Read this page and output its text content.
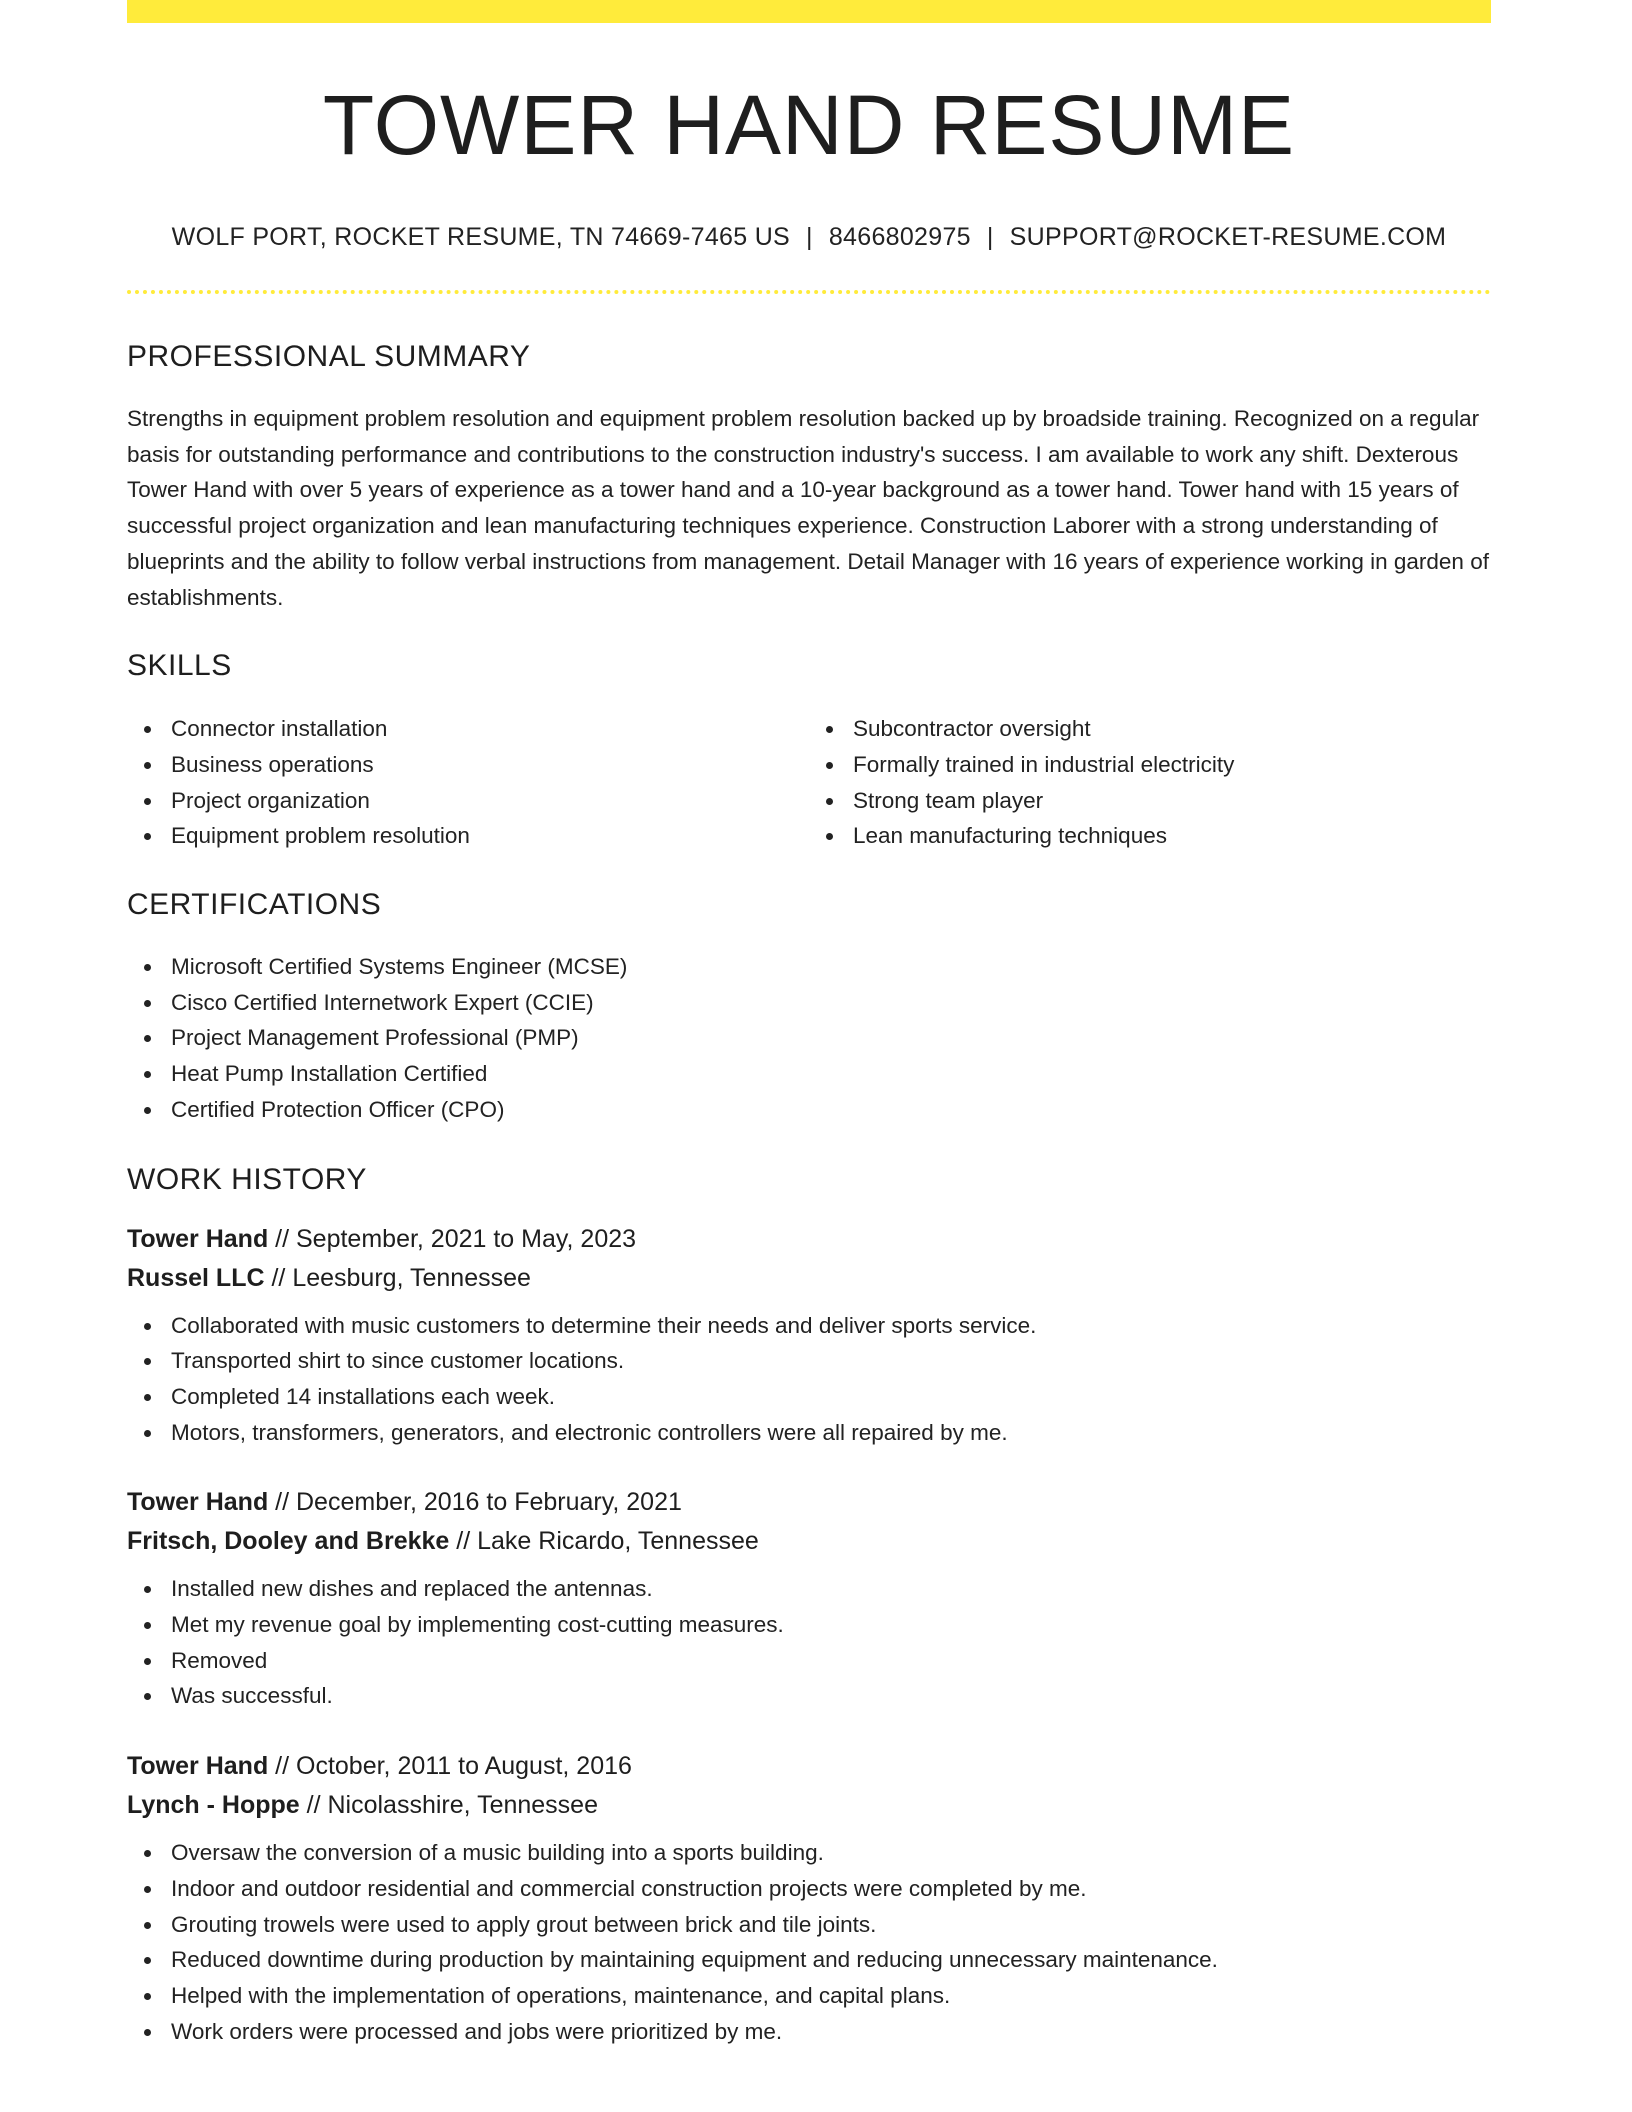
TOWER HAND RESUME
WOLF PORT, ROCKET RESUME, TN 74669-7465 US | 8466802975 | SUPPORT@ROCKET-RESUME.COM
PROFESSIONAL SUMMARY

Strengths in equipment problem resolution and equipment problem resolution backed up by broadside training. Recognized on a regular basis for outstanding performance and contributions to the construction industry's success. I am available to work any shift. Dexterous Tower Hand with over 5 years of experience as a tower hand and a 10-year background as a tower hand. Tower hand with 15 years of successful project organization and lean manufacturing techniques experience. Construction Laborer with a strong understanding of blueprints and the ability to follow verbal instructions from management. Detail Manager with 16 years of experience working in garden of establishments.

SKILLS
Connector installation
Business operations
Project organization
Equipment problem resolution
Subcontractor oversight
Formally trained in industrial electricity
Strong team player
Lean manufacturing techniques
CERTIFICATIONS
Microsoft Certified Systems Engineer (MCSE)
Cisco Certified Internetwork Expert (CCIE)
Project Management Professional (PMP)
Heat Pump Installation Certified
Certified Protection Officer (CPO)
WORK HISTORY
Tower Hand // September, 2021 to May, 2023
Russel LLC // Leesburg, Tennessee
Collaborated with music customers to determine their needs and deliver sports service.
Transported shirt to since customer locations.
Completed 14 installations each week.
Motors, transformers, generators, and electronic controllers were all repaired by me.
Tower Hand // December, 2016 to February, 2021
Fritsch, Dooley and Brekke // Lake Ricardo, Tennessee
Installed new dishes and replaced the antennas.
Met my revenue goal by implementing cost-cutting measures.
Removed
Was successful.
Tower Hand // October, 2011 to August, 2016
Lynch - Hoppe // Nicolasshire, Tennessee
Oversaw the conversion of a music building into a sports building.
Indoor and outdoor residential and commercial construction projects were completed by me.
Grouting trowels were used to apply grout between brick and tile joints.
Reduced downtime during production by maintaining equipment and reducing unnecessary maintenance.
Helped with the implementation of operations, maintenance, and capital plans.
Work orders were processed and jobs were prioritized by me.
